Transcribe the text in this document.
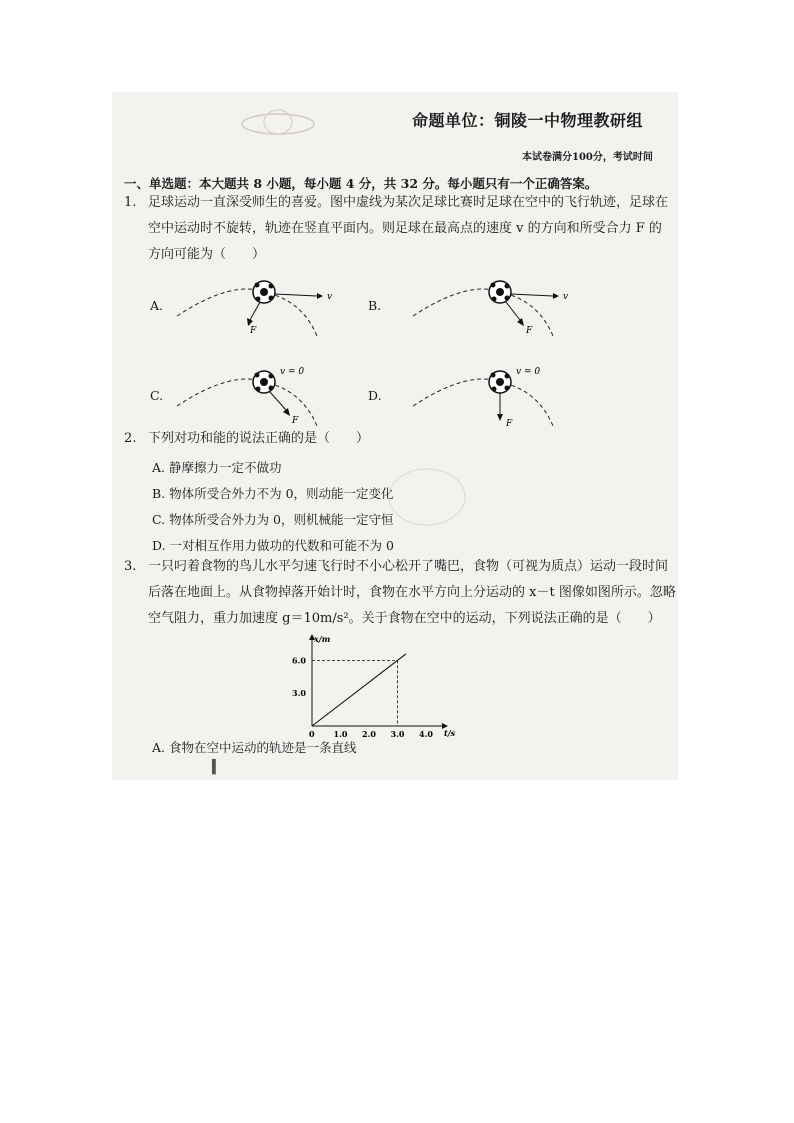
命题单位：铜陵一中物理教研组
本试卷满分100分，考试时间
一、单选题：本大题共 8 小题，每小题 4 分，共 32 分。每小题只有一个正确答案。
1. 足球运动一直深受师生的喜爱。图中虚线为某次足球比赛时足球在空中的飞行轨迹，足球在
空中运动时不旋转，轨迹在竖直平面内。则足球在最高点的速度 v 的方向和所受合力 F 的
方向可能为（　　）

A.
v
F
B.
v
F
C.
v = 0
F
D.
v = 0
F
2. 下列对功和能的说法正确的是（　　）
A. 静摩擦力一定不做功
B. 物体所受合外力不为 0，则动能一定变化
C. 物体所受合外力为 0，则机械能一定守恒
D. 一对相互作用力做功的代数和可能不为 0
3. 一只叼着食物的鸟儿水平匀速飞行时不小心松开了嘴巴，食物（可视为质点）运动一段时间
后落在地面上。从食物掉落开始计时，食物在水平方向上分运动的 x－t 图像如图所示。忽略
空气阻力，重力加速度 g＝10m/s²。关于食物在空中的运动，下列说法正确的是（　　）
x/m
t/s
0 1.0 2.0 3.0 4.0
3.0
6.0
A. 食物在空中运动的轨迹是一条直线
▍
